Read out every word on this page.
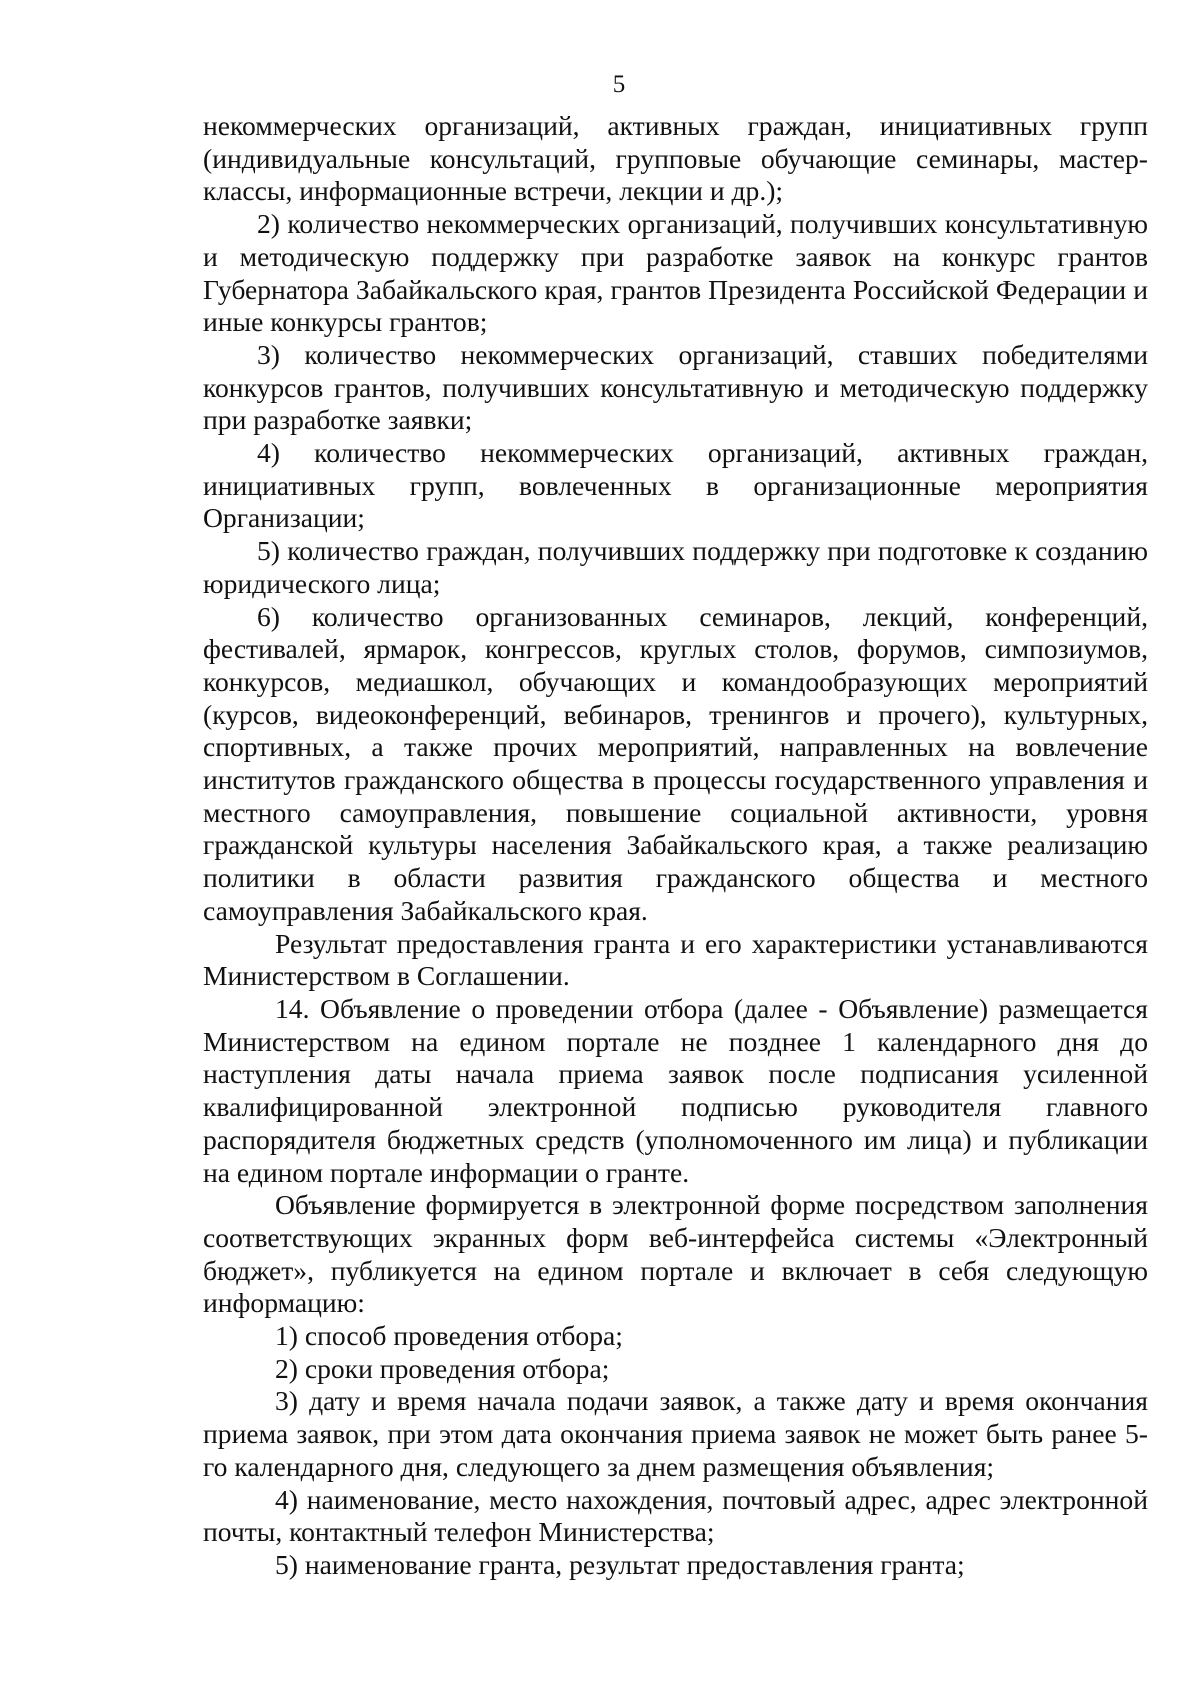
5

некоммерческих организаций, активных граждан, инициативных групп (индивидуальные консультаций, групповые обучающие семинары, мастер-классы, информационные встречи, лекции и др.);

2) количество некоммерческих организаций, получивших консультативную и методическую поддержку при разработке заявок на конкурс грантов Губернатора Забайкальского края, грантов Президента Российской Федерации и иные конкурсы грантов;

3) количество некоммерческих организаций, ставших победителями конкурсов грантов, получивших консультативную и методическую поддержку при разработке заявки;

4) количество некоммерческих организаций, активных граждан, инициативных групп, вовлеченных в организационные мероприятия Организации;

5) количество граждан, получивших поддержку при подготовке к созданию юридического лица;

6) количество организованных семинаров, лекций, конференций, фестивалей, ярмарок, конгрессов, круглых столов, форумов, симпозиумов, конкурсов, медиашкол, обучающих и командообразующих мероприятий (курсов, видеоконференций, вебинаров, тренингов и прочего), культурных, спортивных, а также прочих мероприятий, направленных на вовлечение институтов гражданского общества в процессы государственного управления и местного самоуправления, повышение социальной активности, уровня гражданской культуры населения Забайкальского края, а также реализацию политики в области развития гражданского общества и местного самоуправления Забайкальского края.

Результат предоставления гранта и его характеристики устанавливаются Министерством в Соглашении.

14. Объявление о проведении отбора (далее - Объявление) размещается Министерством на едином портале не позднее 1 календарного дня до наступления даты начала приема заявок после подписания усиленной квалифицированной электронной подписью руководителя главного распорядителя бюджетных средств (уполномоченного им лица) и публикации на едином портале информации о гранте.

Объявление формируется в электронной форме посредством заполнения соответствующих экранных форм веб-интерфейса системы «Электронный бюджет», публикуется на едином портале и включает в себя следующую информацию:

1) способ проведения отбора;

2) сроки проведения отбора;

3) дату и время начала подачи заявок, а также дату и время окончания приема заявок, при этом дата окончания приема заявок не может быть ранее 5-го календарного дня, следующего за днем размещения объявления;

4) наименование, место нахождения, почтовый адрес, адрес электронной почты, контактный телефон Министерства;

5) наименование гранта, результат предоставления гранта;
